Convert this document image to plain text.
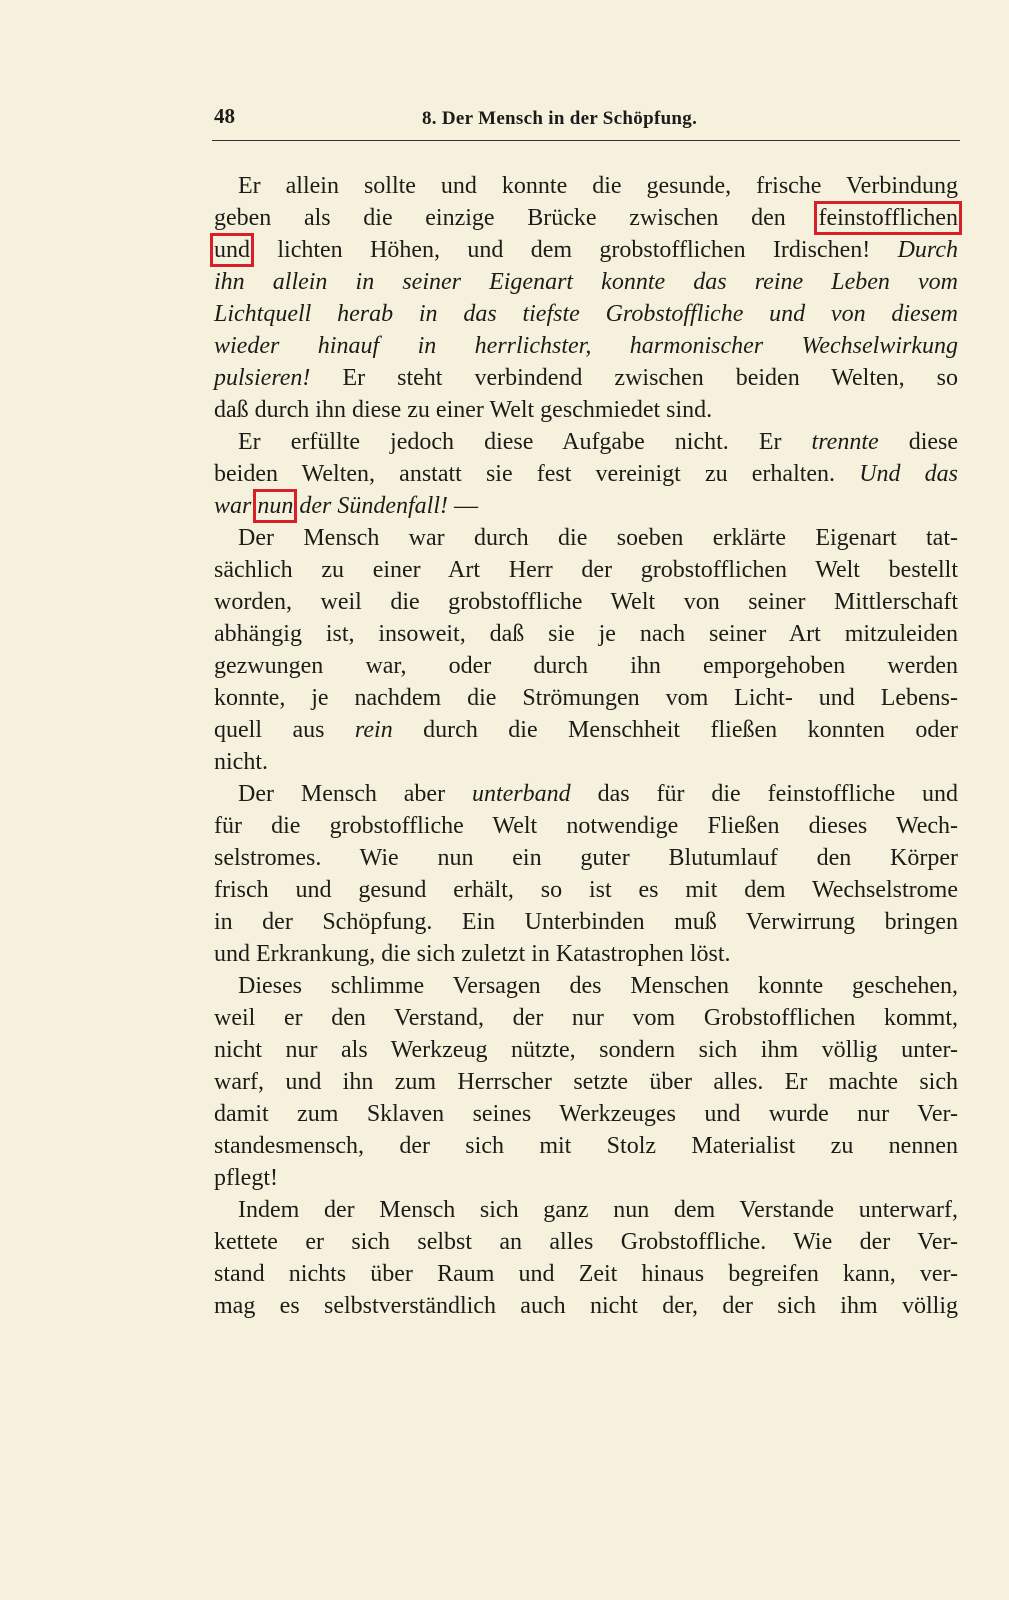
48	8. Der Mensch in der Schöpfung.
Er allein sollte und konnte die gesunde, frische Verbindung
geben als die einzige Brücke zwischen den feinstofflichen
und lichten Höhen, und dem grobstofflichen Irdischen! Durch
ihn allein in seiner Eigenart konnte das reine Leben vom
Lichtquell herab in das tiefste Grobstoffliche und von diesem
wieder hinauf in herrlichster, harmonischer Wechselwirkung
pulsieren! Er steht verbindend zwischen beiden Welten, so
daß durch ihn diese zu einer Welt geschmiedet sind.
Er erfüllte jedoch diese Aufgabe nicht. Er trennte diese
beiden Welten, anstatt sie fest vereinigt zu erhalten. Und das
war nun der Sündenfall! —
Der Mensch war durch die soeben erklärte Eigenart tat-
sächlich zu einer Art Herr der grobstofflichen Welt bestellt
worden, weil die grobstoffliche Welt von seiner Mittlerschaft
abhängig ist, insoweit, daß sie je nach seiner Art mitzuleiden
gezwungen war, oder durch ihn emporgehoben werden
konnte, je nachdem die Strömungen vom Licht- und Lebens-
quell aus rein durch die Menschheit fließen konnten oder
nicht.
Der Mensch aber unterband das für die feinstoffliche und
für die grobstoffliche Welt notwendige Fließen dieses Wech-
selstromes. Wie nun ein guter Blutumlauf den Körper
frisch und gesund erhält, so ist es mit dem Wechselstrome
in der Schöpfung. Ein Unterbinden muß Verwirrung bringen
und Erkrankung, die sich zuletzt in Katastrophen löst.
Dieses schlimme Versagen des Menschen konnte geschehen,
weil er den Verstand, der nur vom Grobstofflichen kommt,
nicht nur als Werkzeug nützte, sondern sich ihm völlig unter-
warf, und ihn zum Herrscher setzte über alles. Er machte sich
damit zum Sklaven seines Werkzeuges und wurde nur Ver-
standesmensch, der sich mit Stolz Materialist zu nennen
pflegt!
Indem der Mensch sich ganz nun dem Verstande unterwarf,
kettete er sich selbst an alles Grobstoffliche. Wie der Ver-
stand nichts über Raum und Zeit hinaus begreifen kann, ver-
mag es selbstverständlich auch nicht der, der sich ihm völlig
